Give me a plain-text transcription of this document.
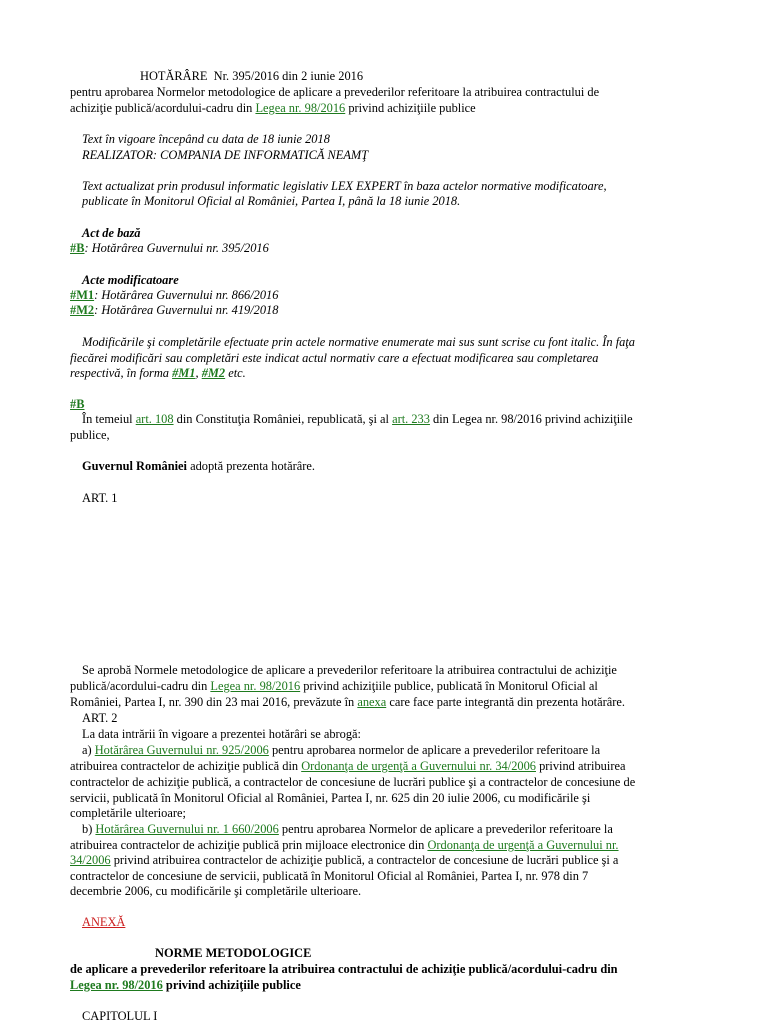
HOTĂRÂRE  Nr. 395/2016 din 2 iunie 2016
pentru aprobarea Normelor metodologice de aplicare a prevederilor referitoare la atribuirea contractului de
achiziţie publică/acordului-cadru din Legea nr. 98/2016 privind achiziţiile publice
Text în vigoare începând cu data de 18 iunie 2018
REALIZATOR: COMPANIA DE INFORMATICĂ NEAMŢ
Text actualizat prin produsul informatic legislativ LEX EXPERT în baza actelor normative modificatoare,
publicate în Monitorul Oficial al României, Partea I, până la 18 iunie 2018.
Act de bază
#B: Hotărârea Guvernului nr. 395/2016
Acte modificatoare
#M1: Hotărârea Guvernului nr. 866/2016
#M2: Hotărârea Guvernului nr. 419/2018
Modificările şi completările efectuate prin actele normative enumerate mai sus sunt scrise cu font italic. În faţa
fiecărei modificări sau completări este indicat actul normativ care a efectuat modificarea sau completarea
respectivă, în forma #M1, #M2 etc.
#B
În temeiul art. 108 din Constituţia României, republicată, şi al art. 233 din Legea nr. 98/2016 privind achiziţiile
publice,
Guvernul României adoptă prezenta hotărâre.
ART. 1
Se aprobă Normele metodologice de aplicare a prevederilor referitoare la atribuirea contractului de achiziţie
publică/acordului-cadru din Legea nr. 98/2016 privind achiziţiile publice, publicată în Monitorul Oficial al
României, Partea I, nr. 390 din 23 mai 2016, prevăzute în anexa care face parte integrantă din prezenta hotărâre.
ART. 2
La data intrării în vigoare a prezentei hotărâri se abrogă:
a) Hotărârea Guvernului nr. 925/2006 pentru aprobarea normelor de aplicare a prevederilor referitoare la
atribuirea contractelor de achiziţie publică din Ordonanţa de urgenţă a Guvernului nr. 34/2006 privind atribuirea
contractelor de achiziţie publică, a contractelor de concesiune de lucrări publice şi a contractelor de concesiune de
servicii, publicată în Monitorul Oficial al României, Partea I, nr. 625 din 20 iulie 2006, cu modificările şi
completările ulterioare;
b) Hotărârea Guvernului nr. 1 660/2006 pentru aprobarea Normelor de aplicare a prevederilor referitoare la
atribuirea contractelor de achiziţie publică prin mijloace electronice din Ordonanţa de urgenţă a Guvernului nr.
34/2006 privind atribuirea contractelor de achiziţie publică, a contractelor de concesiune de lucrări publice şi a
contractelor de concesiune de servicii, publicată în Monitorul Oficial al României, Partea I, nr. 978 din 7
decembrie 2006, cu modificările şi completările ulterioare.
ANEXĂ
NORME METODOLOGICE
de aplicare a prevederilor referitoare la atribuirea contractului de achiziţie publică/acordului-cadru din
Legea nr. 98/2016 privind achiziţiile publice
CAPITOLUL I
